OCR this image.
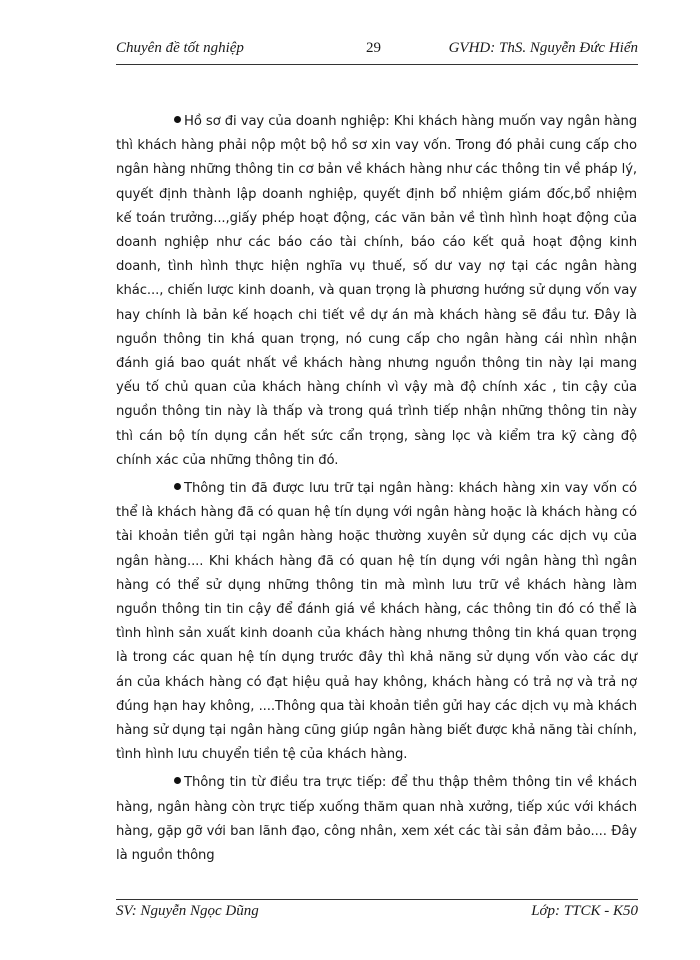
Chuyên đề tốt nghiệp	29	GVHD: ThS. Nguyễn Đức Hiển

Hồ sơ đi vay của doanh nghiệp: Khi khách hàng muốn vay ngân hàng thì khách hàng phải nộp một bộ hồ sơ xin vay vốn. Trong đó phải cung cấp cho ngân hàng những thông tin cơ bản về khách hàng như các thông tin về pháp lý, quyết định thành lập doanh nghiệp, quyết định bổ nhiệm giám đốc,bổ nhiệm kế toán trưởng...,giấy phép hoạt động, các văn bản về tình hình hoạt động của doanh nghiệp như các báo cáo tài chính, báo cáo kết quả hoạt động kinh doanh, tình hình thực hiện nghĩa vụ thuế, số dư vay nợ tại các ngân hàng khác..., chiến lược kinh doanh, và quan trọng là phương hướng sử dụng vốn vay hay chính là bản kế hoạch chi tiết về dự án mà khách hàng sẽ đầu tư. Đây là nguồn thông tin khá quan trọng, nó cung cấp cho ngân hàng cái nhìn nhận đánh giá bao quát nhất về khách hàng nhưng nguồn thông tin này lại mang yếu tố chủ quan của khách hàng chính vì vậy mà độ chính xác , tin cậy của nguồn thông tin này là thấp và trong quá trình tiếp nhận những thông tin này thì cán bộ tín dụng cần hết sức cẩn trọng, sàng lọc và kiểm tra kỹ càng độ chính xác của những thông tin đó.

Thông tin đã được lưu trữ tại ngân hàng: khách hàng xin vay vốn có thể là khách hàng đã có quan hệ tín dụng với ngân hàng hoặc là khách hàng có tài khoản tiền gửi tại ngân hàng hoặc thường xuyên sử dụng các dịch vụ của ngân hàng.... Khi khách hàng đã có quan hệ tín dụng với ngân hàng thì ngân hàng có thể sử dụng những thông tin mà mình lưu trữ về khách hàng làm nguồn thông tin tin cậy để đánh giá về khách hàng, các thông tin đó có thể là tình hình sản xuất kinh doanh của khách hàng nhưng thông tin khá quan trọng là trong các quan hệ tín dụng trước đây thì khả năng sử dụng vốn vào các dự án của khách hàng có đạt hiệu quả hay không, khách hàng có trả nợ và trả nợ đúng hạn hay không, ....Thông qua tài khoản tiền gửi hay các dịch vụ mà khách hàng sử dụng tại ngân hàng cũng giúp ngân hàng biết được khả năng tài chính, tình hình lưu chuyển tiền tệ của khách hàng.

Thông tin từ điều tra trực tiếp: để thu thập thêm thông tin về khách hàng, ngân hàng còn trực tiếp xuống thăm quan nhà xưởng, tiếp xúc với khách hàng, gặp gỡ với ban lãnh đạo, công nhân, xem xét các tài sản đảm bảo.... Đây là nguồn thông

SV: Nguyễn Ngọc Dũng	Lớp: TTCK - K50
